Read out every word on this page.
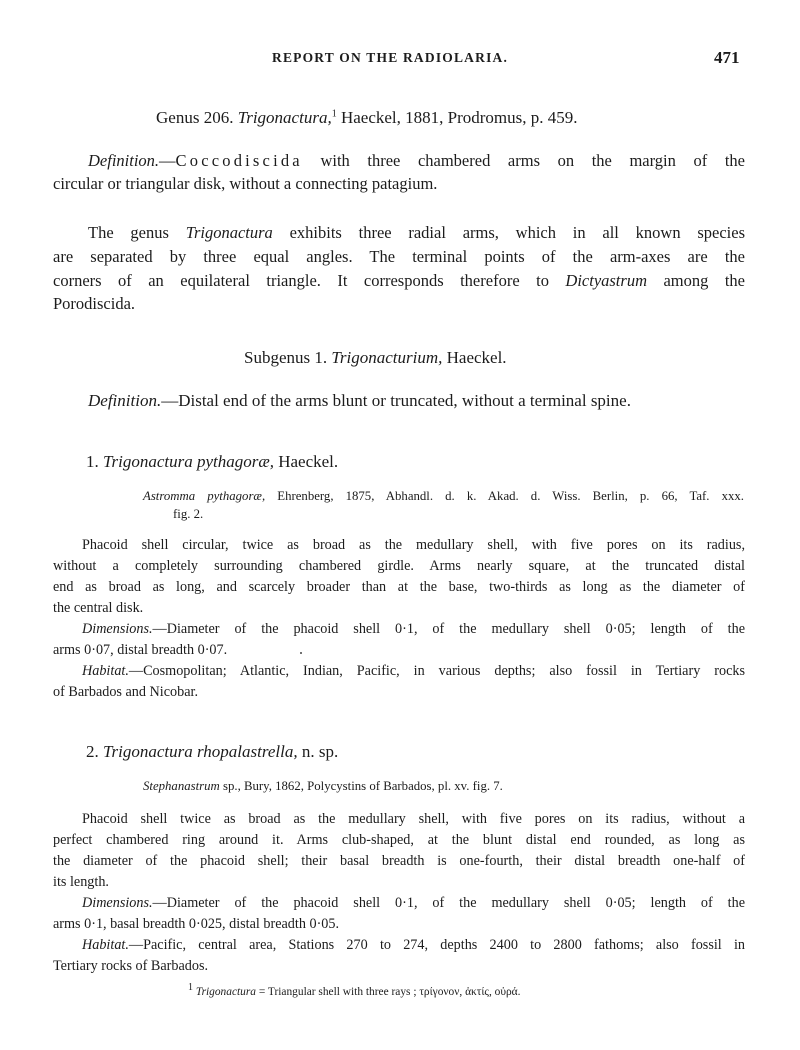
REPORT ON THE RADIOLARIA.	471
Genus 206. Trigonactura,$^1$ Haeckel, 1881, Prodromus, p. 459.
Definition.—Coccodiscida with three chambered arms on the margin of the
circular or triangular disk, without a connecting patagium.
The genus Trigonactura exhibits three radial arms, which in all known species
are separated by three equal angles. The terminal points of the arm-axes are the
corners of an equilateral triangle. It corresponds therefore to Dictyastrum among the
Porodiscida.
Subgenus 1. Trigonacturium, Haeckel.
Definition.—Distal end of the arms blunt or truncated, without a terminal spine.
1. Trigonactura pythagoræ, Haeckel.
Astromma pythagoræ, Ehrenberg, 1875, Abhandl. d. k. Akad. d. Wiss. Berlin, p. 66, Taf. xxx.
fig. 2.
Phacoid shell circular, twice as broad as the medullary shell, with five pores on its radius,
without a completely surrounding chambered girdle. Arms nearly square, at the truncated distal
end as broad as long, and scarcely broader than at the base, two-thirds as long as the diameter of
the central disk.
Dimensions.—Diameter of the phacoid shell 0·1, of the medullary shell 0·05; length of the
arms 0·07, distal breadth 0·07.
Habitat.—Cosmopolitan; Atlantic, Indian, Pacific, in various depths; also fossil in Tertiary rocks
of Barbados and Nicobar.
2. Trigonactura rhopalastrella, n. sp.
Stephanastrum sp., Bury, 1862, Polycystins of Barbados, pl. xv. fig. 7.
Phacoid shell twice as broad as the medullary shell, with five pores on its radius, without a
perfect chambered ring around it. Arms club-shaped, at the blunt distal end rounded, as long as
the diameter of the phacoid shell; their basal breadth is one-fourth, their distal breadth one-half of
its length.
Dimensions.—Diameter of the phacoid shell 0·1, of the medullary shell 0·05; length of the
arms 0·1, basal breadth 0·025, distal breadth 0·05.
Habitat.—Pacific, central area, Stations 270 to 274, depths 2400 to 2800 fathoms; also fossil in
Tertiary rocks of Barbados.
1 Trigonactura = Triangular shell with three rays ; τρίγονον, ἀκτίς, οὐρά.
